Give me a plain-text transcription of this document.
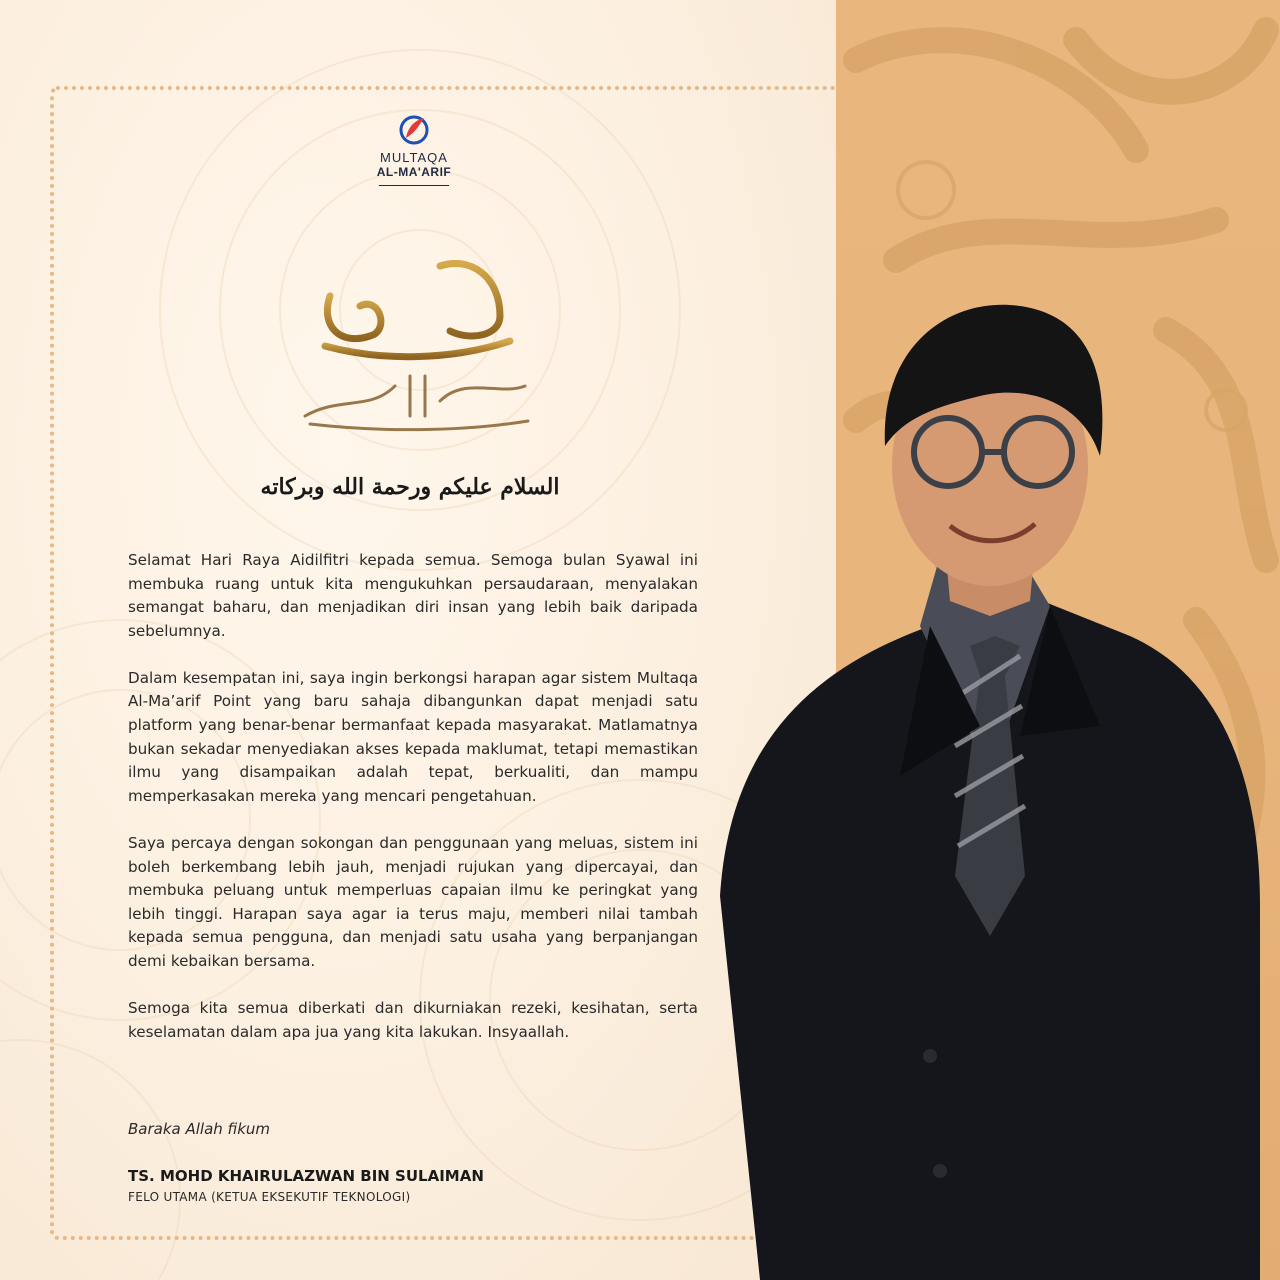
MULTAQA
AL-MA'ARIF
السلام عليكم ورحمة الله وبركاته

Selamat Hari Raya Aidilfitri kepada semua. Semoga bulan Syawal ini membuka ruang untuk kita mengukuhkan persaudaraan, menyalakan semangat baharu, dan menjadikan diri insan yang lebih baik daripada sebelumnya.

Dalam kesempatan ini, saya ingin berkongsi harapan agar sistem Multaqa Al-Ma’arif Point yang baru sahaja dibangunkan dapat menjadi satu platform yang benar-benar bermanfaat kepada masyarakat. Matlamatnya bukan sekadar menyediakan akses kepada maklumat, tetapi memastikan ilmu yang disampaikan adalah tepat, berkualiti, dan mampu memperkasakan mereka yang mencari pengetahuan.

Saya percaya dengan sokongan dan penggunaan yang meluas, sistem ini boleh berkembang lebih jauh, menjadi rujukan yang dipercayai, dan membuka peluang untuk memperluas capaian ilmu ke peringkat yang lebih tinggi. Harapan saya agar ia terus maju, memberi nilai tambah kepada semua pengguna, dan menjadi satu usaha yang berpanjangan demi kebaikan bersama.

Semoga kita semua diberkati dan dikurniakan rezeki, kesihatan, serta keselamatan dalam apa jua yang kita lakukan. Insyaallah.

Baraka Allah fikum
TS. MOHD KHAIRULAZWAN BIN SULAIMAN
FELO UTAMA (KETUA EKSEKUTIF TEKNOLOGI)
